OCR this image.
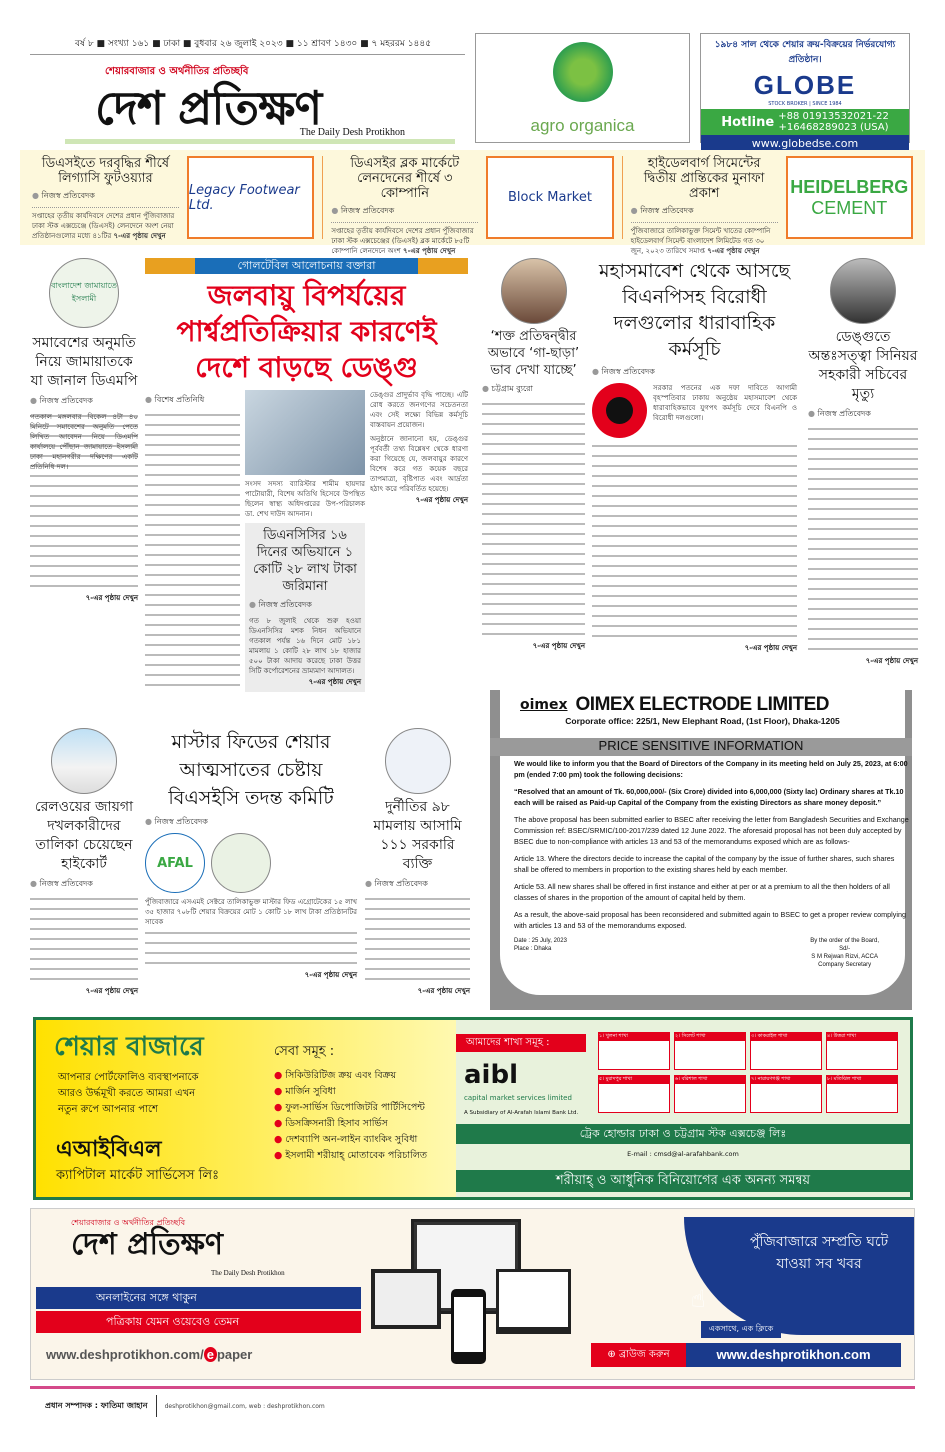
বর্ষ ৮ ■ সংখ্যা ১৬১ ■ ঢাকা ■ বুধবার ২৬ জুলাই ২০২৩ ■ ১১ শ্রাবণ ১৪৩০ ■ ৭ মহররম ১৪৪৫
শেয়ারবাজার ও অর্থনীতির প্রতিচ্ছবি
দেশ প্রতিক্ষণ
The Daily Desh Protikhon	agro organica
১৯৮৪ সাল থেকে শেয়ার ক্রয়-বিক্রয়ের নির্ভরযোগ্য প্রতিষ্ঠান।
GLOBE
STOCK BROKER | SINCE 1984
Hotline +88 01913532021-22
+16468289023 (USA)
www.globedse.com
ডিএসইতে দরবৃদ্ধির শীর্ষে লিগ্যাসি ফুটওয়্যার
● নিজস্ব প্রতিবেদক
সপ্তাহের তৃতীয় কার্যদিবসে দেশের প্রধান পুঁজিবাজার ঢাকা স্টক এক্সচেঞ্জে (ডিএসই) লেনদেনে অংশ নেয়া প্রতিষ্ঠানগুলোর মধ্যে ৪১টির ৭-এর পৃষ্ঠায় দেখুন
Legacy Footwear Ltd.
ডিএসইর ব্লক মার্কেটে লেনদেনের শীর্ষে ৩ কোম্পানি
● নিজস্ব প্রতিবেদক
সপ্তাহের তৃতীয় কার্যদিবসে দেশের প্রধান পুঁজিবাজার ঢাকা স্টক এক্সচেঞ্জের (ডিএসই) ব্লক মার্কেটে ৮৫টি কোম্পানি লেনদেনে অংশ ৭-এর পৃষ্ঠায় দেখুন
Block Market
হাইডেলবার্গ সিমেন্টের দ্বিতীয় প্রান্তিকের মুনাফা প্রকাশ
● নিজস্ব প্রতিবেদক
পুঁজিবাজারে তালিকাভুক্ত সিমেন্ট খাতের কোম্পানি হাইডেলবার্গ সিমেন্ট বাংলাদেশ লিমিটেড গত ৩০ জুন, ২০২৩ তারিখে সমাপ্ত ৭-এর পৃষ্ঠায় দেখুন
HEIDELBERG
CEMENT
বাংলাদেশ জামায়াতে ইসলামী
সমাবেশের অনুমতি নিয়ে জামায়াতকে যা জানাল ডিএমপি
● নিজস্ব প্রতিবেদক
গতকাল মঙ্গলবার বিকেল ৪টা ৪০ মিনিটে সমাবেশের অনুমতি পেতে লিখিত আবেদন নিয়ে ডিএমপি কার্যালয়ে পৌঁছান জামায়াতে ইসলামী ঢাকা মহানগরীর দক্ষিণের একটি প্রতিনিধি দল।
৭-এর পৃষ্ঠায় দেখুন
গোলটেবিল আলোচনায় বক্তারা
জলবায়ু বিপর্যয়ের পার্শ্বপ্রতিক্রিয়ার কারণেই দেশে বাড়ছে ডেঙ্গু
● বিশেষ প্রতিনিধি
সংসদ সদস্য ব্যারিস্টার শামীম হায়দার পাটোয়ারী, বিশেষ অতিথি হিসেবে উপস্থিত ছিলেন স্বাস্থ্য অধিদপ্তরের উপ-পরিচালক ডা. শেখ দাউদ আদনান।
ডিএনসিসির ১৬ দিনের অভিযানে ১ কোটি ২৮ লাখ টাকা জরিমানা
● নিজস্ব প্রতিবেদক
গত ৮ জুলাই থেকে শুরু হওয়া ডিএনসিসির মশক নিধন অভিযানে গতকাল পর্যন্ত ১৬ দিনে মোট ১৮১ মামলায় ১ কোটি ২৮ লাখ ১৮ হাজার ৫০০ টাকা আদায় করেছে ঢাকা উত্তর সিটি কর্পোরেশনের ভ্রাম্যমাণ আদালত।
৭-এর পৃষ্ঠায় দেখুন
ডেঙ্গুর প্রাদুর্ভাব বৃদ্ধি পাচ্ছে। এটি রোধ করতে জনগণের সচেতনতা এবং সেই লক্ষ্যে বিভিন্ন কর্মসূচি বাস্তবায়ন প্রয়োজন।
অনুষ্ঠানে জানানো হয়, ডেঙ্গুর পূর্ববর্তী তথ্য বিশ্লেষণ থেকে ধারণা করা গিয়েছে যে, জলবায়ুর কারণে বিশেষ করে গত কয়েক বছরে তাপমাত্রা, বৃষ্টিপাত এবং আর্দ্রতা হঠাৎ করে পরিবর্তিত হয়েছে।
৭-এর পৃষ্ঠায় দেখুন
‘শক্ত প্রতিদ্বন্দ্বীর অভাবে ‘গা-ছাড়া’ ভাব দেখা যাচ্ছে’
● চট্টগ্রাম ব্যুরো
৭-এর পৃষ্ঠায় দেখুন
মহাসমাবেশ থেকে আসছে বিএনপিসহ বিরোধী দলগুলোর ধারাবাহিক কর্মসূচি
● নিজস্ব প্রতিবেদক
সরকার পতনের এক দফা দাবিতে আগামী বৃহস্পতিবার ঢাকায় অনুষ্ঠেয় মহাসমাবেশ থেকে ধারাবাহিকভাবে যুগপৎ কর্মসূচি দেবে বিএনপি ও বিরোধী দলগুলো।
৭-এর পৃষ্ঠায় দেখুন
ডেঙ্গুতে অন্তঃসত্ত্বা সিনিয়র সহকারী সচিবের মৃত্যু
● নিজস্ব প্রতিবেদক
৭-এর পৃষ্ঠায় দেখুন
oimex OIMEX ELECTRODE LIMITED
Corporate office: 225/1, New Elephant Road, (1st Floor), Dhaka-1205

We would like to inform you that the Board of Directors of the Company in its meeting held on July 25, 2023, at 6:00 pm (ended 7:00 pm) took the following decisions:

“Resolved that an amount of Tk. 60,000,000/- (Six Crore) divided into 6,000,000 (Sixty lac) Ordinary shares at Tk.10 each will be raised as Paid-up Capital of the Company from the existing Directors as share money deposit.”

The above proposal has been submitted earlier to BSEC after receiving the letter from Bangladesh Securities and Exchange Commission ref: BSEC/SRMIC/100-2017/239 dated 12 June 2022. The aforesaid proposal has not been duly accepted by BSEC due to non-compliance with articles 13 and 53 of the memorandums exposed which are as follows-

Article 13. Where the directors decide to increase the capital of the company by the issue of further shares, such shares shall be offered to members in proportion to the existing shares held by each member.

Article 53. All new shares shall be offered in first instance and either at per or at a premium to all the then holders of all classes of shares in the proportion of the amount of capital held by them.

As a result, the above-said proposal has been reconsidered and submitted again to BSEC to get a proper review complying with articles 13 and 53 of the memorandums exposed.

Date : 25 July, 2023
Place : Dhaka
By the order of the Board,
Sd/-
S M Rejwan Rizvi, ACCA
Company Secretary
PRICE SENSITIVE INFORMATION
রেলওয়ের জায়গা দখলকারীদের তালিকা চেয়েছেন হাইকোর্ট
● নিজস্ব প্রতিবেদক
৭-এর পৃষ্ঠায় দেখুন
মাস্টার ফিডের শেয়ার আত্মসাতের চেষ্টায় বিএসইসি তদন্ত কমিটি
● নিজস্ব প্রতিবেদক
AFAL
পুঁজিবাজারে এসএমই সেক্টরে তালিকাভুক্ত মাস্টার ফিড এগ্রোটেকের ১৫ লাখ ৩৫ হাজার ৭০৮টি শেয়ার বিক্রয়ের মোট ১ কোটি ১৮ লাখ টাকা প্রতিষ্ঠানটির সাবেক
৭-এর পৃষ্ঠায় দেখুন
দুর্নীতির ৯৮ মামলায় আসামি ১১১ সরকারি ব্যক্তি
● নিজস্ব প্রতিবেদক
৭-এর পৃষ্ঠায় দেখুন
শেয়ার বাজারে
আপনার পোর্টফোলিও ব্যবস্থাপনাকে
আরও উর্দ্ধমূখী করতে আমরা এখন
নতুন রুপে আপনার পাশে
এআইবিএল
ক্যাপিটাল মার্কেট সার্ভিসেস লিঃ
সেবা সমূহ :
● সিকিউরিটিজ ক্রয় এবং বিক্রয়
● মার্জিন সুবিধা
● ফুল-সার্ভিস ডিপোজিটরি পার্টিসিপেন্ট
● ডিসক্রিসনারী হিসাব সার্ভিস
● দেশব্যাপি অন-লাইন ব্যাংকিং সুবিধা
● ইসলামী শরীয়াহ্ মোতাবেক পরিচালিত
আমাদের শাখা সমূহ :
aibl
capital market services limited
A Subsidiary of Al-Arafah Islami Bank Ltd.
১। খুলনা শাখা	২। সিলেট শাখা	৩। কাকরাইল শাখা	৪। উত্তরা শাখা
৫। মুরাদপুর শাখা	৬। বরিশাল শাখা	৭। নারায়ণগঞ্জ শাখা	৮। মতিঝিল শাখা
ট্রেক হোল্ডার ঢাকা ও চট্টগ্রাম স্টক এক্সচেঞ্জ লিঃ
E-mail : cmsd@al-arafahbank.com
শরীয়াহ্ ও আধুনিক বিনিয়োগের এক অনন্য সমন্বয়
শেয়ারবাজার ও অর্থনীতির প্রতিচ্ছবি
দেশ প্রতিক্ষণ
The Daily Desh Protikhon
অনলাইনের সঙ্গে থাকুন
পত্রিকায় যেমন ওয়েবেও তেমন
www.deshprotikhon.com/ e paper
পুঁজিবাজারে সম্প্রতি ঘটে যাওয়া সব খবর
☝
একসাথে, এক ক্লিকে
⊕ ব্রাউজ করুন	www.deshprotikhon.com
প্রধান সম্পাদক : ফাতিমা জাহান	deshprotikhon@gmail.com, web : deshprotikhon.com
